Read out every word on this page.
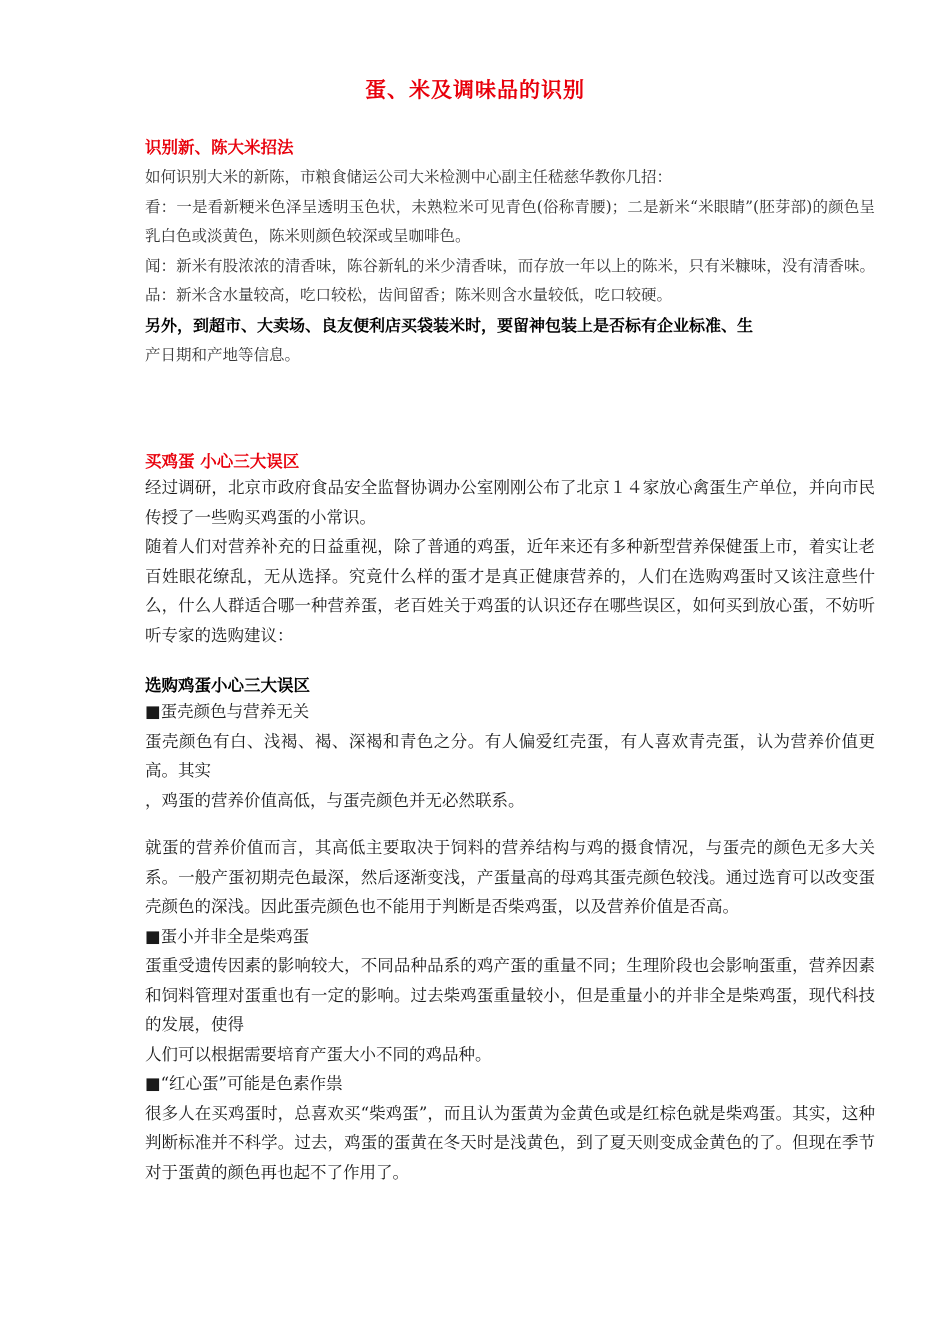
蛋、米及调味品的识别
识别新、陈大米招法

如何识别大米的新陈，市粮食储运公司大米检测中心副主任嵇慈华教你几招：

看：一是看新粳米色泽呈透明玉色状，未熟粒米可见青色(俗称青腰)；二是新米“米眼睛”(胚芽部)的颜色呈乳白色或淡黄色，陈米则颜色较深或呈咖啡色。

闻：新米有股浓浓的清香味，陈谷新轧的米少清香味，而存放一年以上的陈米，只有米糠味，没有清香味。品：新米含水量较高，吃口较松，齿间留香；陈米则含水量较低，吃口较硬。

另外，到超市、大卖场、良友便利店买袋装米时，要留神包装上是否标有企业标准、生
产日期和产地等信息。

买鸡蛋 小心三大误区

经过调研，北京市政府食品安全监督协调办公室刚刚公布了北京１４家放心禽蛋生产单位，并向市民传授了一些购买鸡蛋的小常识。

随着人们对营养补充的日益重视，除了普通的鸡蛋，近年来还有多种新型营养保健蛋上市，着实让老百姓眼花缭乱，无从选择。究竟什么样的蛋才是真正健康营养的，人们在选购鸡蛋时又该注意些什么，什么人群适合哪一种营养蛋，老百姓关于鸡蛋的认识还存在哪些误区，如何买到放心蛋，不妨听听专家的选购建议：

选购鸡蛋小心三大误区

■蛋壳颜色与营养无关

蛋壳颜色有白、浅褐、褐、深褐和青色之分。有人偏爱红壳蛋，有人喜欢青壳蛋，认为营养价值更高。其实

，鸡蛋的营养价值高低，与蛋壳颜色并无必然联系。

就蛋的营养价值而言，其高低主要取决于饲料的营养结构与鸡的摄食情况，与蛋壳的颜色无多大关系。一般产蛋初期壳色最深，然后逐渐变浅，产蛋量高的母鸡其蛋壳颜色较浅。通过选育可以改变蛋壳颜色的深浅。因此蛋壳颜色也不能用于判断是否柴鸡蛋，以及营养价值是否高。

■蛋小并非全是柴鸡蛋

蛋重受遗传因素的影响较大，不同品种品系的鸡产蛋的重量不同；生理阶段也会影响蛋重，营养因素和饲料管理对蛋重也有一定的影响。过去柴鸡蛋重量较小，但是重量小的并非全是柴鸡蛋，现代科技的发展，使得

人们可以根据需要培育产蛋大小不同的鸡品种。

■“红心蛋”可能是色素作祟

很多人在买鸡蛋时，总喜欢买“柴鸡蛋”，而且认为蛋黄为金黄色或是红棕色就是柴鸡蛋。其实，这种判断标准并不科学。过去，鸡蛋的蛋黄在冬天时是浅黄色，到了夏天则变成金黄色的了。但现在季节对于蛋黄的颜色再也起不了作用了。
